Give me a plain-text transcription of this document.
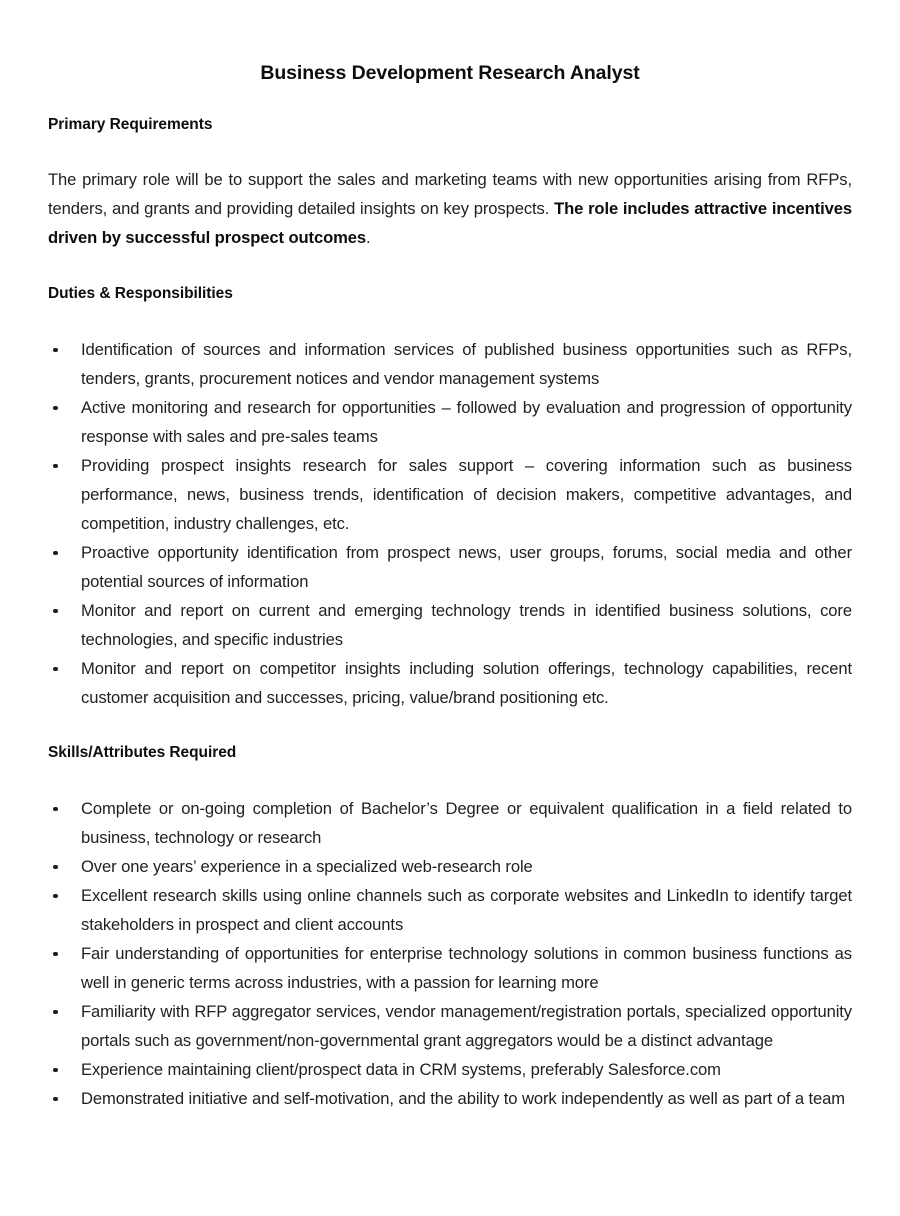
Business Development Research Analyst
Primary Requirements

The primary role will be to support the sales and marketing teams with new opportunities arising from RFPs, tenders, and grants and providing detailed insights on key prospects. The role includes attractive incentives driven by successful prospect outcomes.

Duties & Responsibilities
Identification of sources and information services of published business opportunities such as RFPs, tenders, grants, procurement notices and vendor management systems
Active monitoring and research for opportunities – followed by evaluation and progression of opportunity response with sales and pre-sales teams
Providing prospect insights research for sales support – covering information such as business performance, news, business trends, identification of decision makers, competitive advantages, and competition, industry challenges, etc.
Proactive opportunity identification from prospect news, user groups, forums, social media and other potential sources of information
Monitor and report on current and emerging technology trends in identified business solutions, core technologies, and specific industries
Monitor and report on competitor insights including solution offerings, technology capabilities, recent customer acquisition and successes, pricing, value/brand positioning etc.
Skills/Attributes Required
Complete or on-going completion of Bachelor’s Degree or equivalent qualification in a field related to business, technology or research
Over one years’ experience in a specialized web-research role
Excellent research skills using online channels such as corporate websites and LinkedIn to identify target stakeholders in prospect and client accounts
Fair understanding of opportunities for enterprise technology solutions in common business functions as well in generic terms across industries, with a passion for learning more
Familiarity with RFP aggregator services, vendor management/registration portals, specialized opportunity portals such as government/non-governmental grant aggregators would be a distinct advantage
Experience maintaining client/prospect data in CRM systems, preferably Salesforce.com
Demonstrated initiative and self-motivation, and the ability to work independently as well as part of a team
